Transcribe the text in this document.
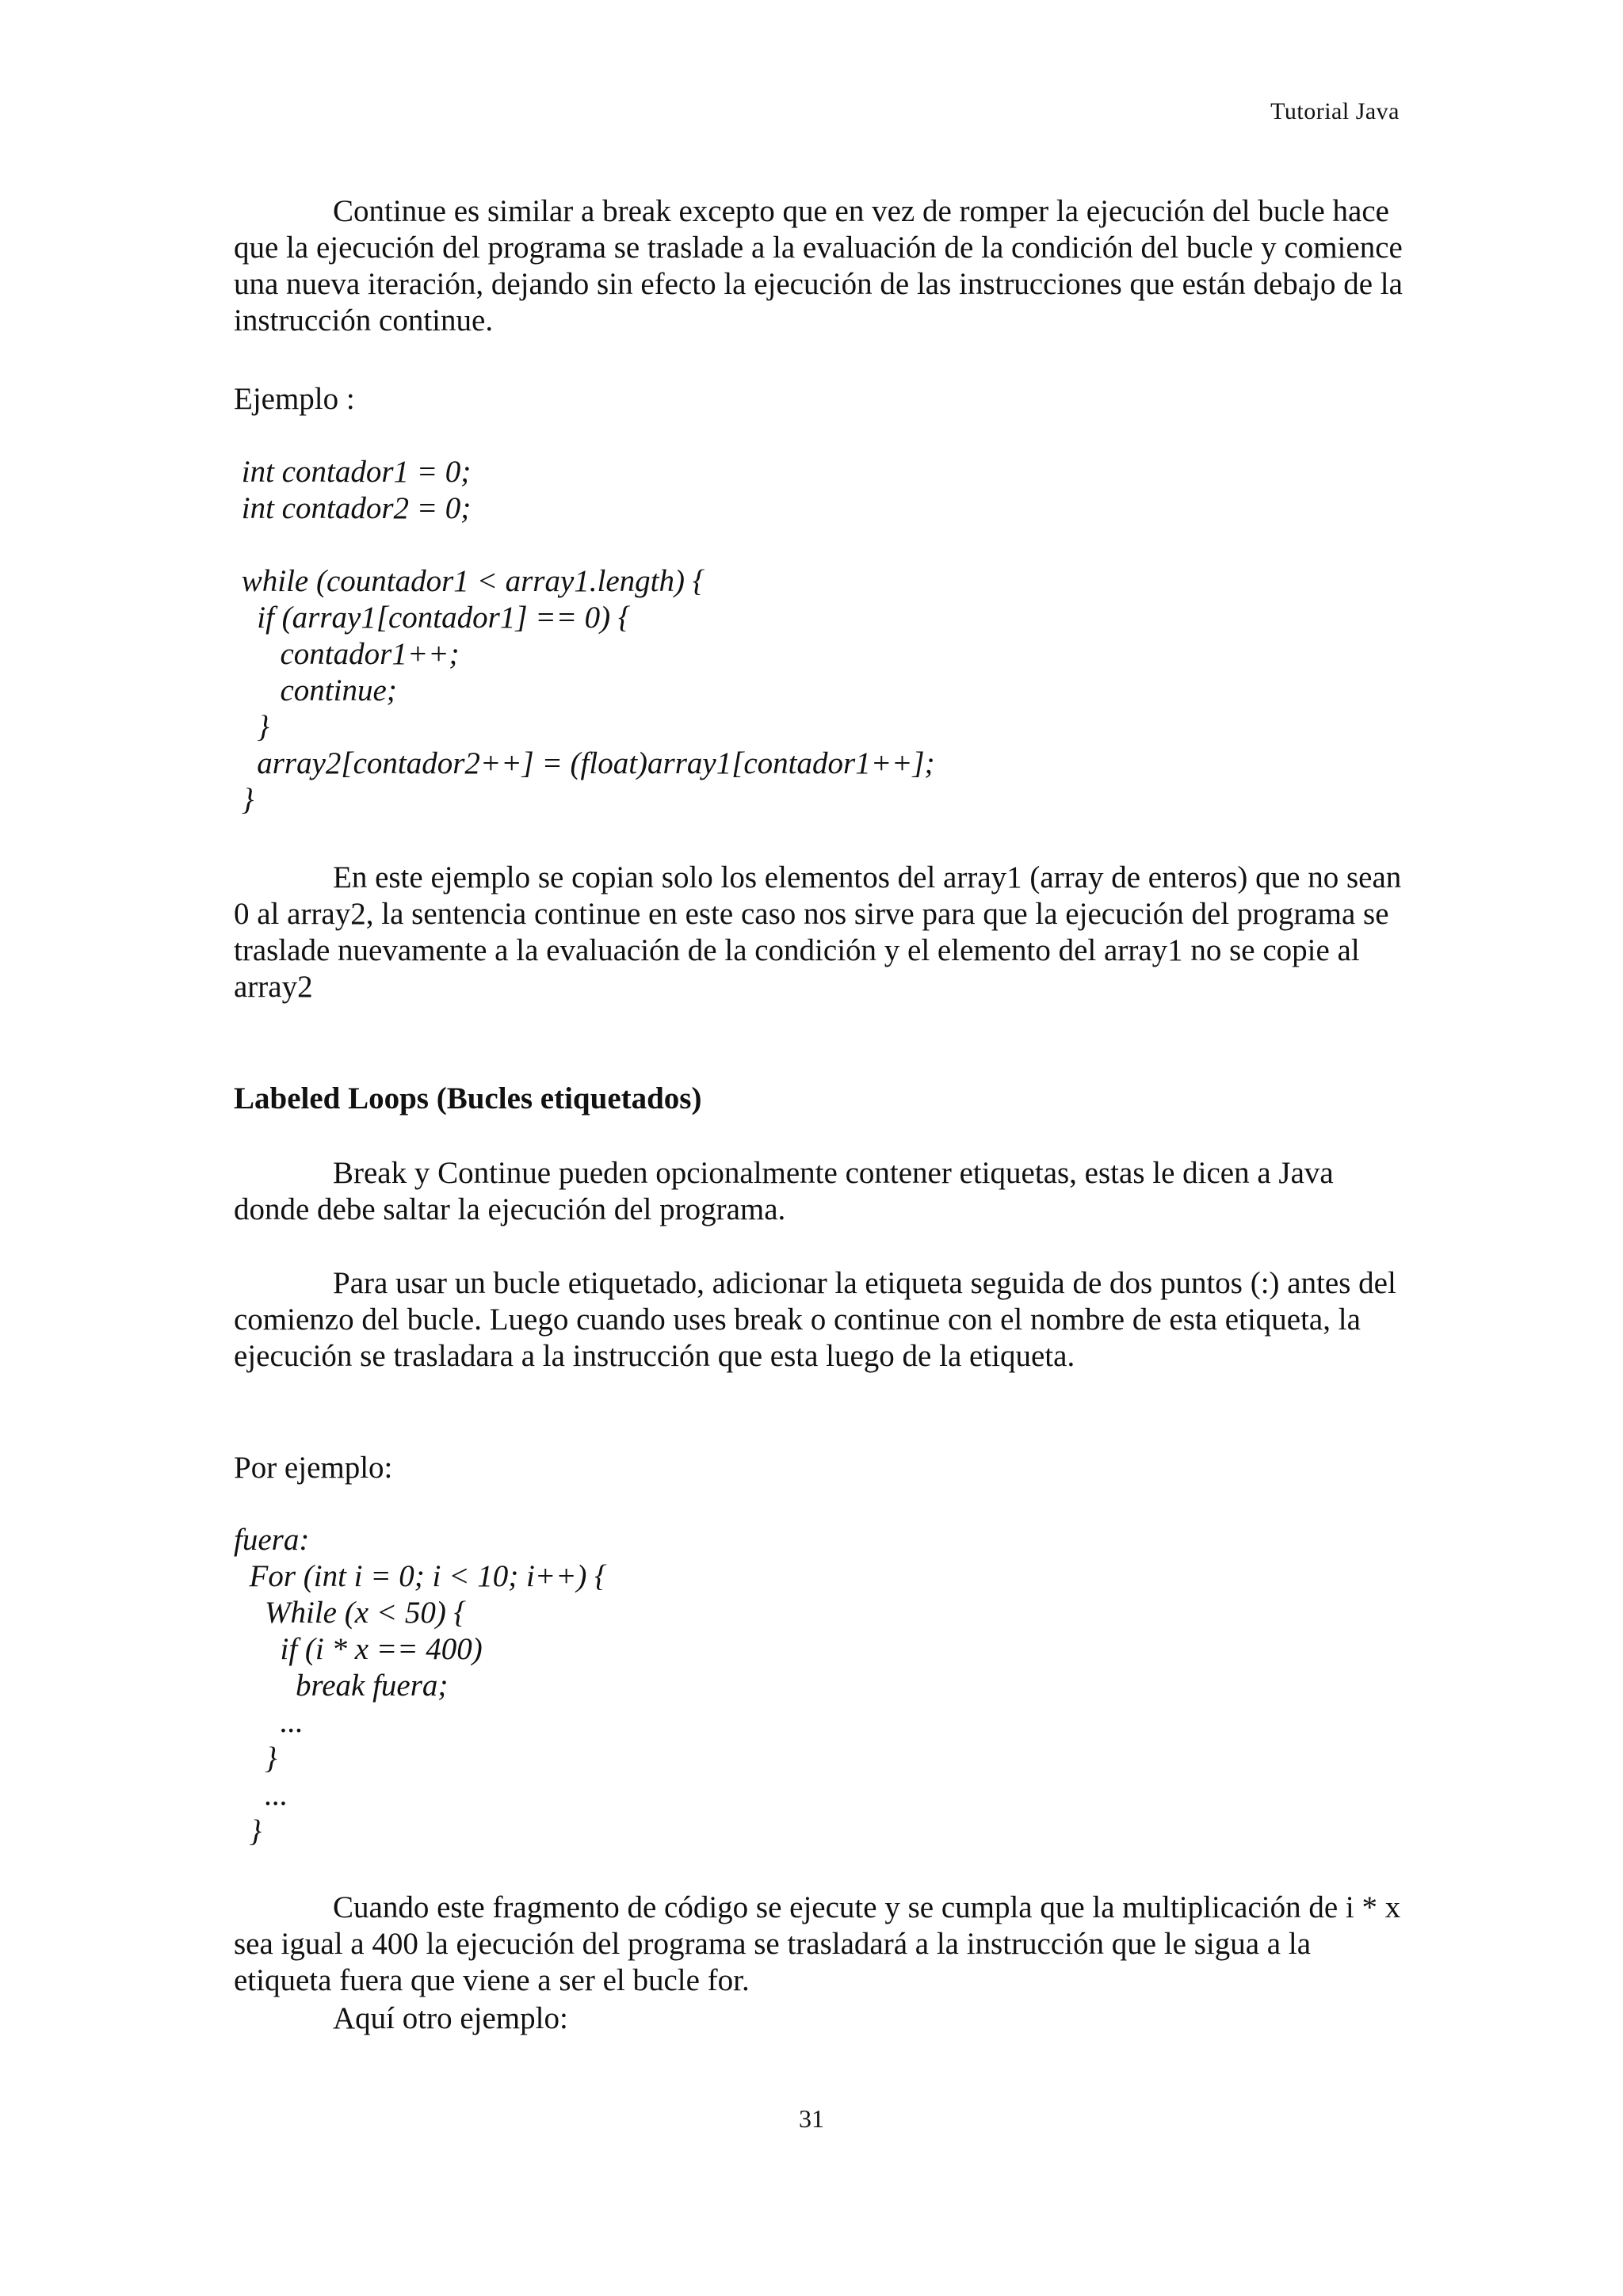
Tutorial Java

Continue es similar a break excepto que en vez de romper la ejecución del bucle hace que la ejecución del programa se traslade a la evaluación de la condición del bucle y comience una nueva iteración, dejando sin efecto la ejecución de las instrucciones que están debajo de la instrucción continue.

Ejemplo :
int contador1 = 0;
int contador2 = 0;

while (countador1 < array1.length) {
if (array1[contador1] == 0) {
contador1++;
continue;
}
array2[contador2++] = (float)array1[contador1++];
}

En este ejemplo se copian solo los elementos del array1 (array de enteros) que no sean 0 al array2, la sentencia continue en este caso nos sirve para que la ejecución del programa se traslade nuevamente a la evaluación de la condición y el elemento del array1 no se copie al array2

Labeled Loops (Bucles etiquetados)

Break y Continue pueden opcionalmente contener etiquetas, estas le dicen a Java donde debe saltar la ejecución del programa.

Para usar un bucle etiquetado, adicionar la etiqueta seguida de dos puntos (:) antes del comienzo del bucle. Luego cuando uses break o continue con el nombre de esta etiqueta, la ejecución se trasladara a la instrucción que esta luego de la etiqueta.

Por ejemplo:
fuera:
For (int i = 0; i < 10; i++) {
While (x < 50) {
if (i * x == 400)
break fuera;
...
}
...
}

Cuando este fragmento de código se ejecute y se cumpla que la multiplicación de i * x sea igual a 400 la ejecución del programa se trasladará a la instrucción que le sigua a la etiqueta fuera que viene a ser el bucle for.

Aquí otro ejemplo:

31
